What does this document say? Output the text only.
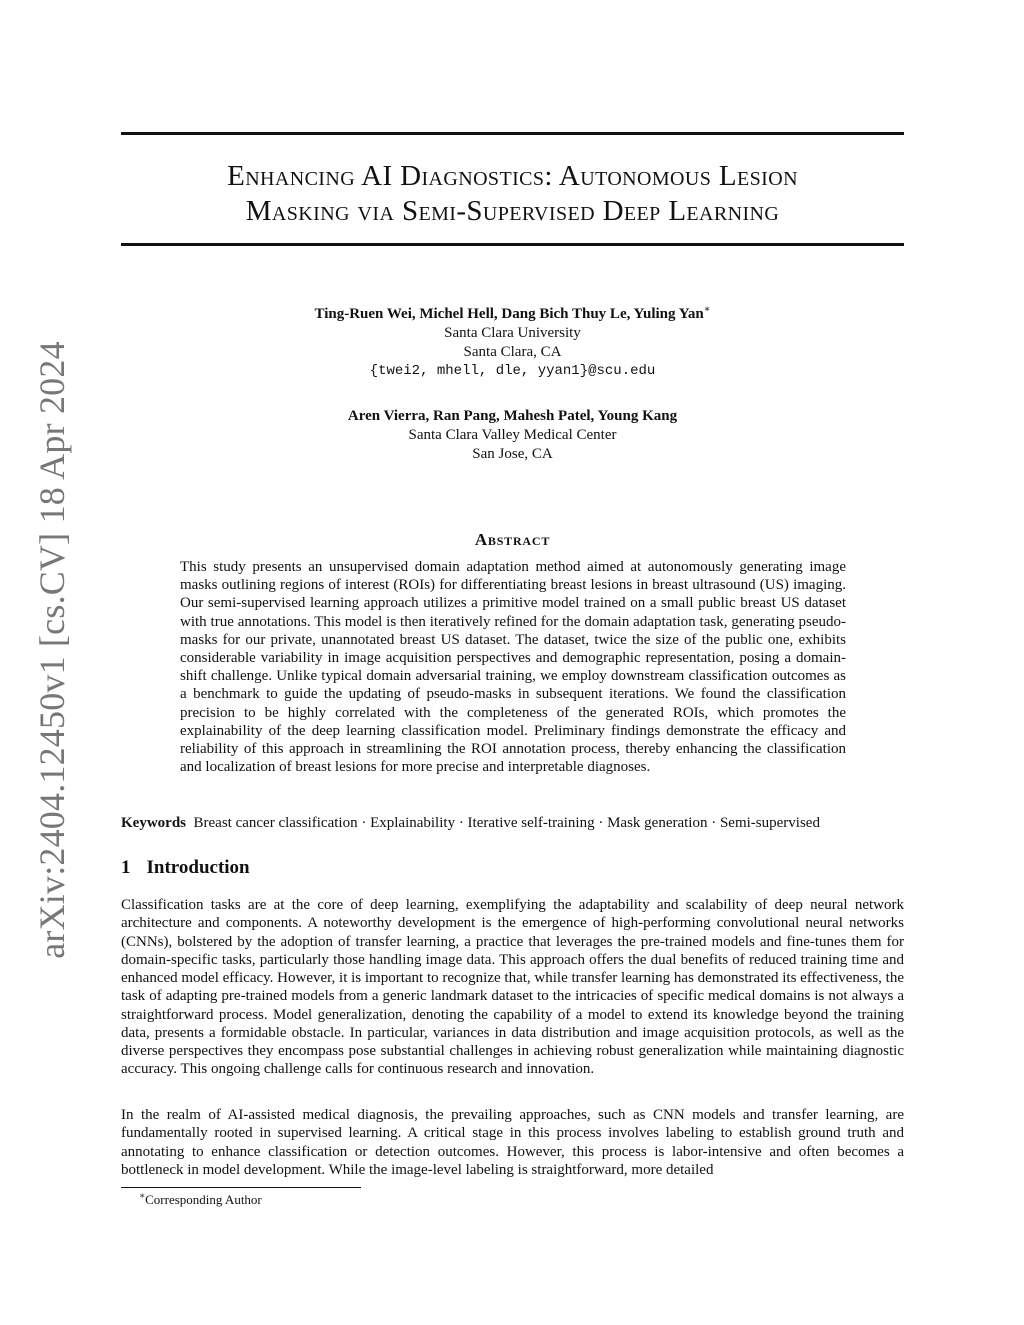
arXiv:2404.12450v1 [cs.CV] 18 Apr 2024
Enhancing AI Diagnostics: Autonomous Lesion
Masking via Semi-Supervised Deep Learning
Ting-Ruen Wei, Michel Hell, Dang Bich Thuy Le, Yuling Yan∗
Santa Clara University
Santa Clara, CA
{twei2, mhell, dle, yyan1}@scu.edu
Aren Vierra, Ran Pang, Mahesh Patel, Young Kang
Santa Clara Valley Medical Center
San Jose, CA
Abstract

This study presents an unsupervised domain adaptation method aimed at autonomously generating image masks outlining regions of interest (ROIs) for differentiating breast lesions in breast ultrasound (US) imaging. Our semi-supervised learning approach utilizes a primitive model trained on a small public breast US dataset with true annotations. This model is then iteratively refined for the domain adaptation task, generating pseudo-masks for our private, unannotated breast US dataset. The dataset, twice the size of the public one, exhibits considerable variability in image acquisition perspectives and demographic representation, posing a domain-shift challenge. Unlike typical domain adversarial training, we employ downstream classification outcomes as a benchmark to guide the updating of pseudo-masks in subsequent iterations. We found the classification precision to be highly correlated with the completeness of the generated ROIs, which promotes the explainability of the deep learning classification model. Preliminary findings demonstrate the efficacy and reliability of this approach in streamlining the ROI annotation process, thereby enhancing the classification and localization of breast lesions for more precise and interpretable diagnoses.

Keywords Breast cancer classification · Explainability · Iterative self-training · Mask generation · Semi-supervised
1 Introduction

Classification tasks are at the core of deep learning, exemplifying the adaptability and scalability of deep neural network architecture and components. A noteworthy development is the emergence of high-performing convolutional neural networks (CNNs), bolstered by the adoption of transfer learning, a practice that leverages the pre-trained models and fine-tunes them for domain-specific tasks, particularly those handling image data. This approach offers the dual benefits of reduced training time and enhanced model efficacy. However, it is important to recognize that, while transfer learning has demonstrated its effectiveness, the task of adapting pre-trained models from a generic landmark dataset to the intricacies of specific medical domains is not always a straightforward process. Model generalization, denoting the capability of a model to extend its knowledge beyond the training data, presents a formidable obstacle. In particular, variances in data distribution and image acquisition protocols, as well as the diverse perspectives they encompass pose substantial challenges in achieving robust generalization while maintaining diagnostic accuracy. This ongoing challenge calls for continuous research and innovation.

In the realm of AI-assisted medical diagnosis, the prevailing approaches, such as CNN models and transfer learning, are fundamentally rooted in supervised learning. A critical stage in this process involves labeling to establish ground truth and annotating to enhance classification or detection outcomes. However, this process is labor-intensive and often becomes a bottleneck in model development. While the image-level labeling is straightforward, more detailed

∗Corresponding Author
